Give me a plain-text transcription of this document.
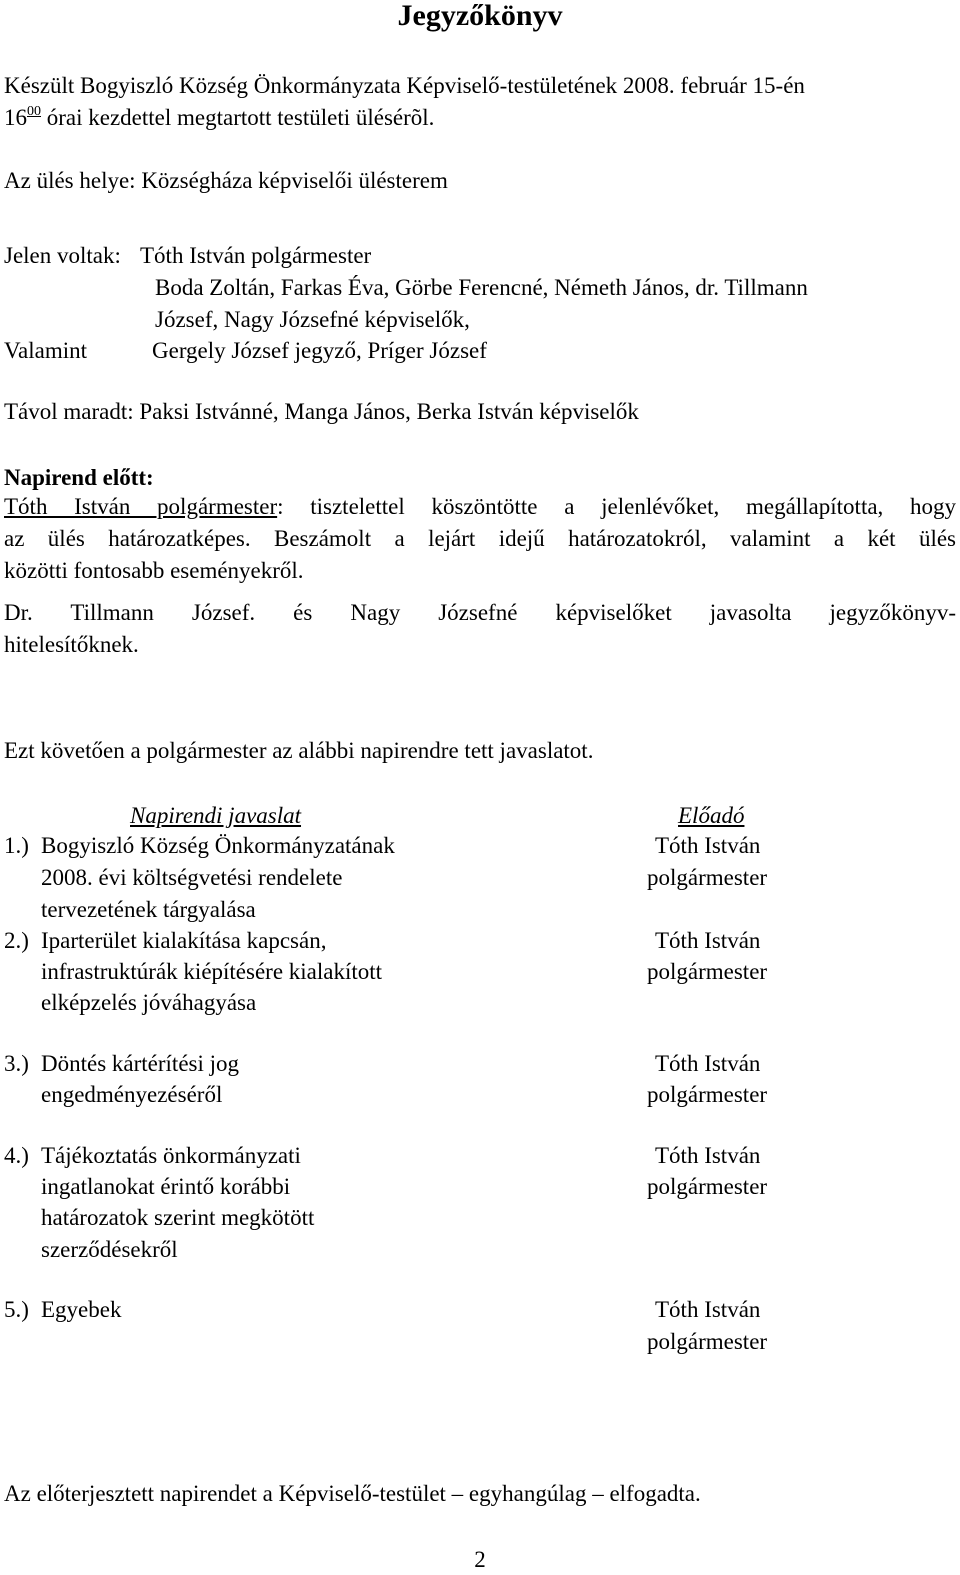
Jegyzőkönyv
Készült Bogyiszló Község Önkormányzata Képviselő-testületének 2008. február 15-én
$16^{00}$ órai kezdettel megtartott testületi ülésérõl.
Az ülés helye: Községháza képviselői ülésterem
Jelen voltak: Tóth István polgármester
Boda Zoltán, Farkas Éva, Görbe Ferencné, Németh János, dr. Tillmann
József, Nagy Józsefné képviselők,
Valamint	Gergely József jegyző, Príger József
Távol maradt: Paksi Istvánné, Manga János, Berka István képviselők
Napirend előtt:
Tóth István polgármester: tisztelettel köszöntötte a jelenlévőket, megállapította, hogy
az ülés határozatképes. Beszámolt a lejárt idejű határozatokról, valamint a két ülés
közötti fontosabb eseményekről.
Dr. Tillmann József. és Nagy Józsefné képviselőket javasolta jegyzőkönyv-
hitelesítőknek.
Ezt követően a polgármester az alábbi napirendre tett javaslatot.
Napirendi javaslat	Előadó
1.) Bogyiszló Község Önkormányzatának
2008. évi költségvetési rendelete
tervezetének tárgyalása
Tóth István
polgármester
2.) Iparterület kialakítása kapcsán,
infrastruktúrák kiépítésére kialakított
elképzelés jóváhagyása
Tóth István
polgármester
3.) Döntés kártérítési jog
engedményezéséről
Tóth István
polgármester
4.) Tájékoztatás önkormányzati
ingatlanokat érintő korábbi
határozatok szerint megkötött
szerződésekről
Tóth István
polgármester
5.) Egyebek	Tóth István
polgármester
Az előterjesztett napirendet a Képviselő-testület – egyhangúlag – elfogadta.
2
